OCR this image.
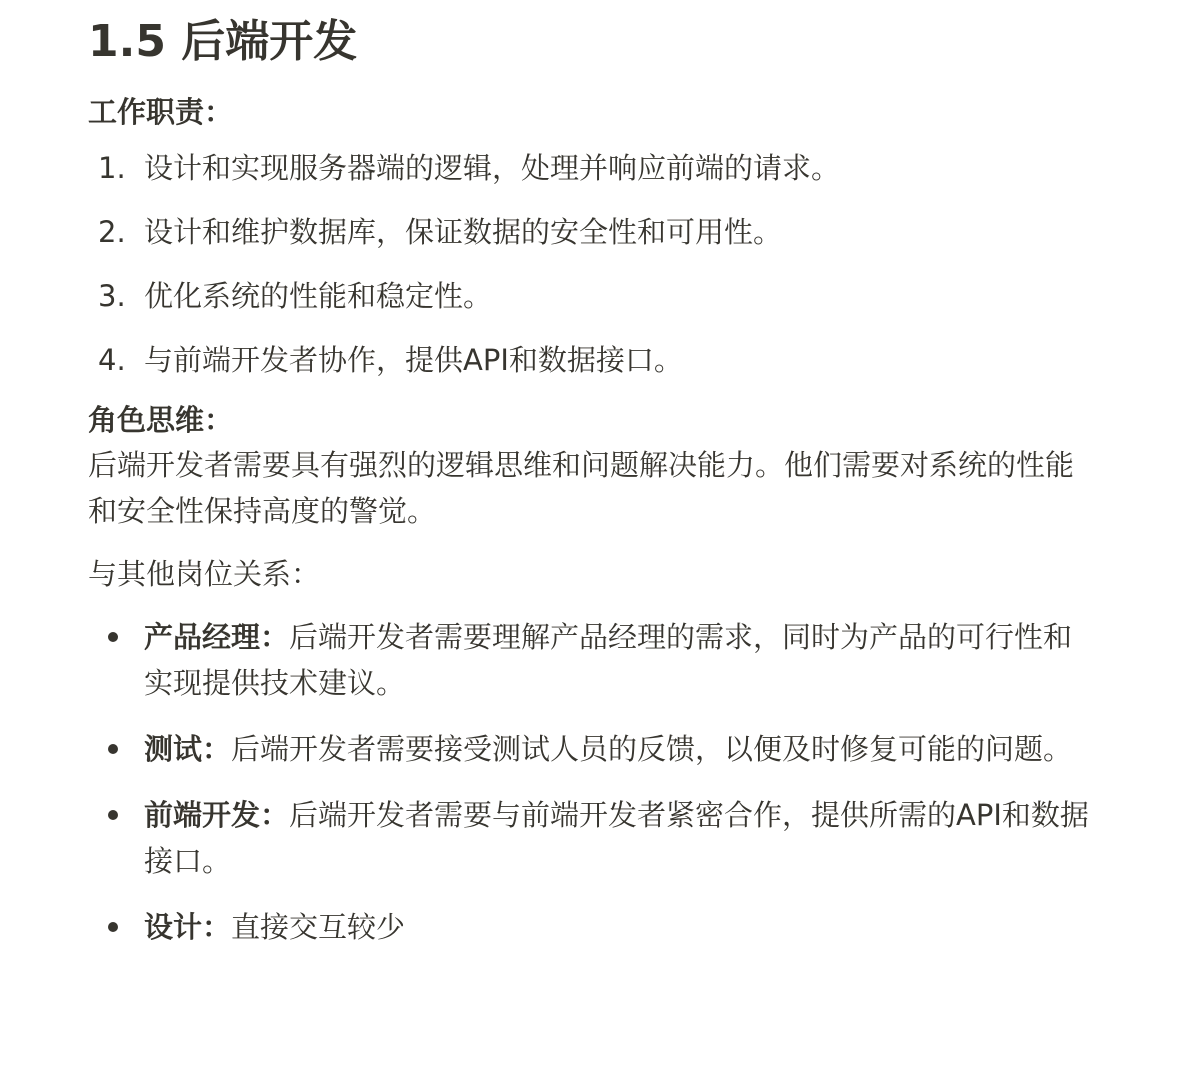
1.5 后端开发
工作职责：
1. 设计和实现服务器端的逻辑，处理并响应前端的请求。
2. 设计和维护数据库，保证数据的安全性和可用性。
3. 优化系统的性能和稳定性。
4. 与前端开发者协作，提供API和数据接口。
角色思维：

后端开发者需要具有强烈的逻辑思维和问题解决能力。他们需要对系统的性能和安全性保持高度的警觉。

与其他岗位关系：
产品经理：后端开发者需要理解产品经理的需求，同时为产品的可行性和实现提供技术建议。
测试：后端开发者需要接受测试人员的反馈，以便及时修复可能的问题。
前端开发：后端开发者需要与前端开发者紧密合作，提供所需的API和数据接口。
设计：直接交互较少
